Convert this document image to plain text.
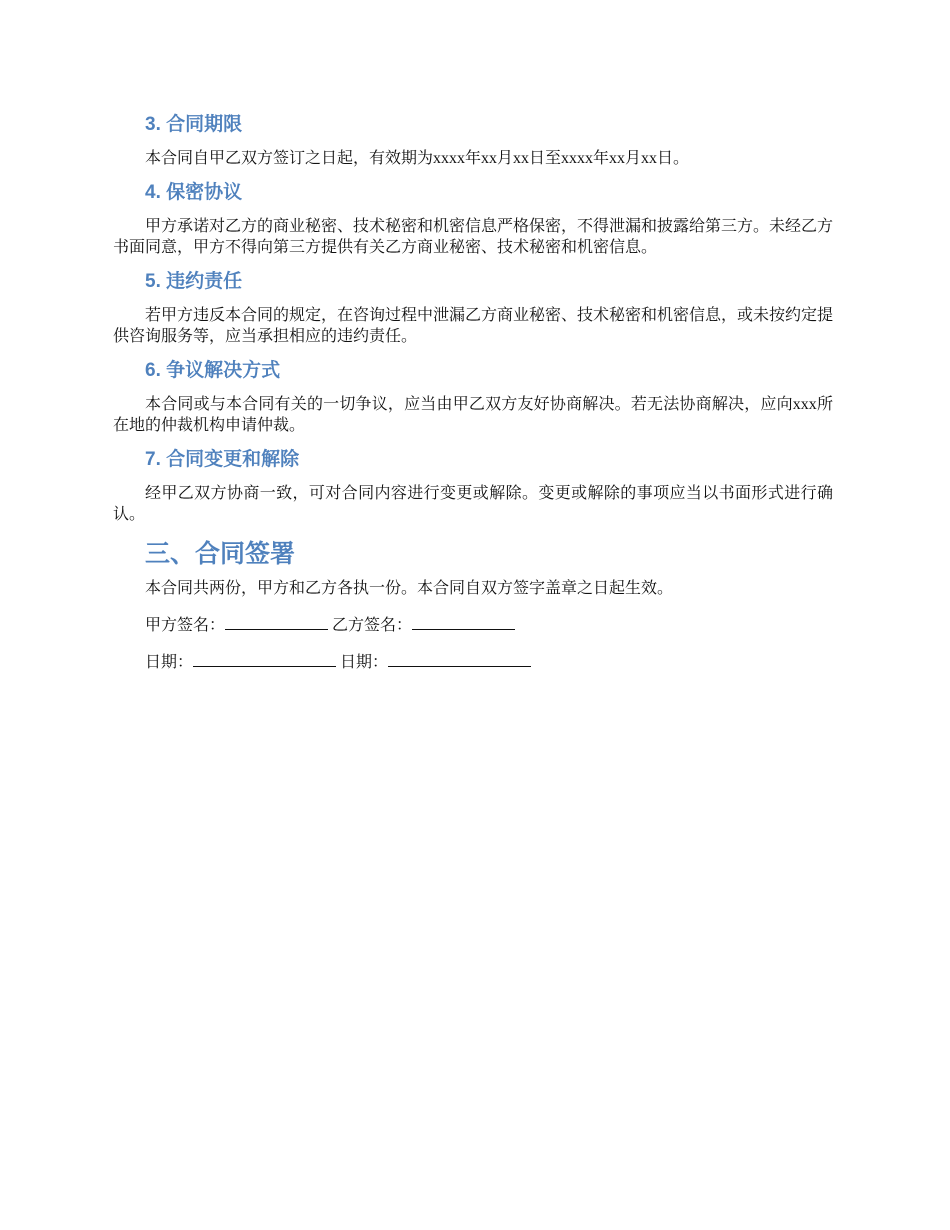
3. 合同期限
本合同自甲乙双方签订之日起，有效期为xxxx年xx月xx日至xxxx年xx月xx日。
4. 保密协议
甲方承诺对乙方的商业秘密、技术秘密和机密信息严格保密，不得泄漏和披露给第三方。未经乙方书面同意，甲方不得向第三方提供有关乙方商业秘密、技术秘密和机密信息。
5. 违约责任
若甲方违反本合同的规定，在咨询过程中泄漏乙方商业秘密、技术秘密和机密信息，或未按约定提供咨询服务等，应当承担相应的违约责任。
6. 争议解决方式
本合同或与本合同有关的一切争议，应当由甲乙双方友好协商解决。若无法协商解决，应向xxx所在地的仲裁机构申请仲裁。
7. 合同变更和解除
经甲乙双方协商一致，可对合同内容进行变更或解除。变更或解除的事项应当以书面形式进行确认。
三、合同签署
本合同共两份，甲方和乙方各执一份。本合同自双方签字盖章之日起生效。
甲方签名：	乙方签名：
日期：	日期：
